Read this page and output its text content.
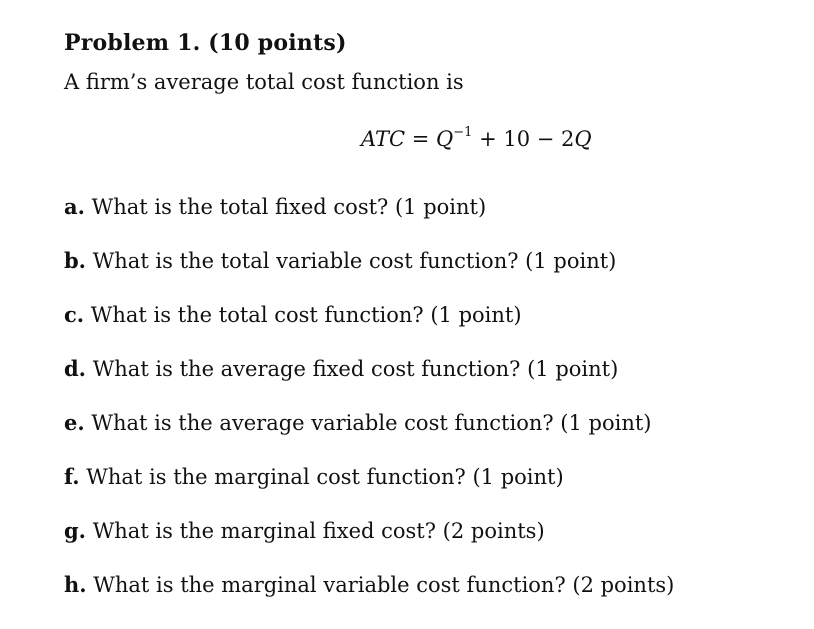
Problem 1. (10 points)
A firm’s average total cost function is
ATC = $Q^{-1} + 10 - 2Q$
a. What is the total fixed cost? (1 point)
b. What is the total variable cost function? (1 point)
c. What is the total cost function? (1 point)
d. What is the average fixed cost function? (1 point)
e. What is the average variable cost function? (1 point)
f. What is the marginal cost function? (1 point)
g. What is the marginal fixed cost? (2 points)
h. What is the marginal variable cost function? (2 points)
